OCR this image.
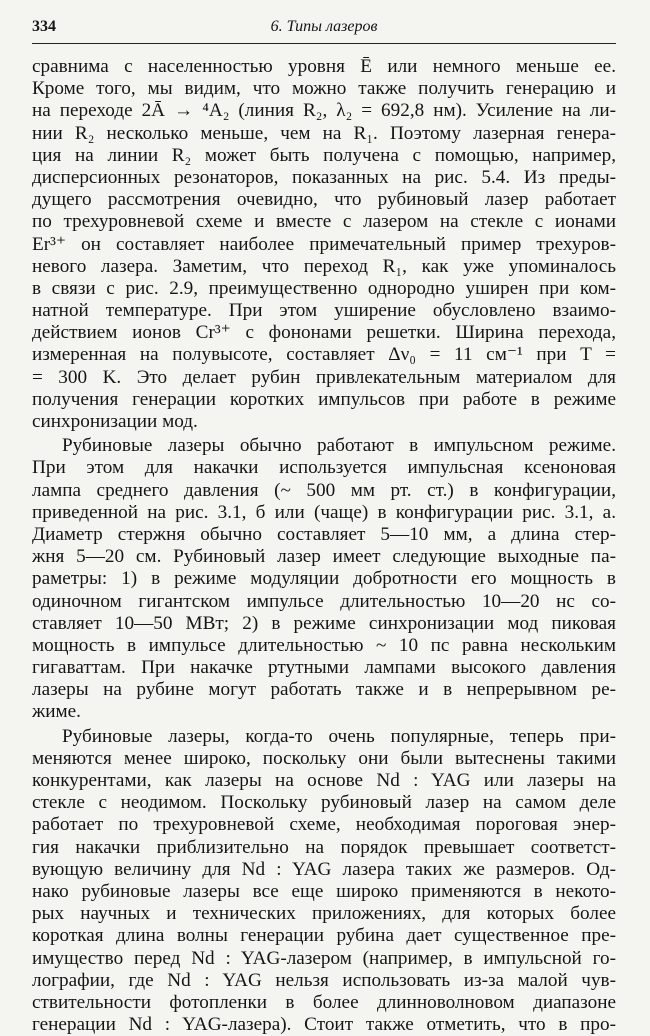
334	6. Типы лазеров
сравнима с населенностью уровня Ē или немного меньше ее.
Кроме того, мы видим, что можно также получить генерацию и
на переходе 2Ā → ⁴A₂ (линия R₂, λ₂ = 692,8 нм). Усиление на ли-
нии R₂ несколько меньше, чем на R₁. Поэтому лазерная генера-
ция на линии R₂ может быть получена с помощью, например,
дисперсионных резонаторов, показанных на рис. 5.4. Из преды-
дущего рассмотрения очевидно, что рубиновый лазер работает
по трехуровневой схеме и вместе с лазером на стекле с ионами
Er³⁺ он составляет наиболее примечательный пример трехуров-
невого лазера. Заметим, что переход R₁, как уже упоминалось
в связи с рис. 2.9, преимущественно однородно уширен при ком-
натной температуре. При этом уширение обусловлено взаимо-
действием ионов Cr³⁺ с фононами решетки. Ширина перехода,
измеренная на полувысоте, составляет Δν₀ = 11 см⁻¹ при T =
= 300 K. Это делает рубин привлекательным материалом для
получения генерации коротких импульсов при работе в режиме
синхронизации мод.
Рубиновые лазеры обычно работают в импульсном режиме.
При этом для накачки используется импульсная ксеноновая
лампа среднего давления (~ 500 мм рт. ст.) в конфигурации,
приведенной на рис. 3.1, б или (чаще) в конфигурации рис. 3.1, а.
Диаметр стержня обычно составляет 5—10 мм, а длина стер-
жня 5—20 см. Рубиновый лазер имеет следующие выходные па-
раметры: 1) в режиме модуляции добротности его мощность в
одиночном гигантском импульсе длительностью 10—20 нс со-
ставляет 10—50 МВт; 2) в режиме синхронизации мод пиковая
мощность в импульсе длительностью ~ 10 пс равна нескольким
гигаваттам. При накачке ртутными лампами высокого давления
лазеры на рубине могут работать также и в непрерывном ре-
жиме.
Рубиновые лазеры, когда-то очень популярные, теперь при-
меняются менее широко, поскольку они были вытеснены такими
конкурентами, как лазеры на основе Nd : YAG или лазеры на
стекле с неодимом. Поскольку рубиновый лазер на самом деле
работает по трехуровневой схеме, необходимая пороговая энер-
гия накачки приблизительно на порядок превышает соответст-
вующую величину для Nd : YAG лазера таких же размеров. Од-
нако рубиновые лазеры все еще широко применяются в некото-
рых научных и технических приложениях, для которых более
короткая длина волны генерации рубина дает существенное пре-
имущество перед Nd : YAG-лазером (например, в импульсной го-
лографии, где Nd : YAG нельзя использовать из-за малой чув-
ствительности фотопленки в более длинноволновом диапазоне
генерации Nd : YAG-лазера). Стоит также отметить, что в про-
